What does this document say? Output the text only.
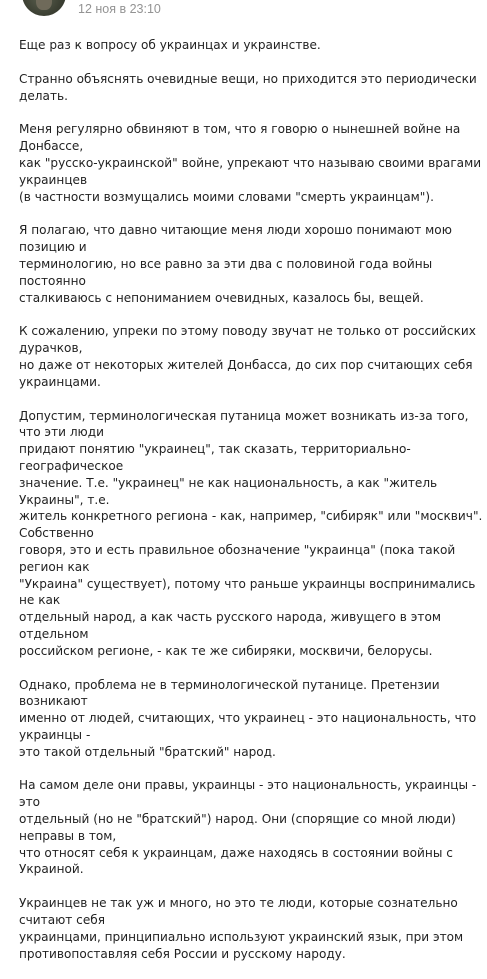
12 ноя в 23:10

Еще раз к вопросу об украинцах и украинстве.

Странно объяснять очевидные вещи, но приходится это периодически делать.

Меня регулярно обвиняют в том, что я говорю о нынешней войне на Донбассе,
как "русско-украинской" войне, упрекают что называю своими врагами украинцев
(в частности возмущались моими словами "смерть украинцам").

Я полагаю, что давно читающие меня люди хорошо понимают мою позицию и
терминологию, но все равно за эти два с половиной года войны постоянно
сталкиваюсь с непониманием очевидных, казалось бы, вещей.

К сожалению, упреки по этому поводу звучат не только от российских дурачков,
но даже от некоторых жителей Донбасса, до сих пор считающих себя украинцами.

Допустим, терминологическая путаница может возникать из-за того, что эти люди
придают понятию "украинец", так сказать, территориально-географическое
значение. Т.е. "украинец" не как национальность, а как "житель Украины", т.е.
житель конкретного региона - как, например, "сибиряк" или "москвич". Собственно
говоря, это и есть правильное обозначение "украинца" (пока такой регион как
"Украина" существует), потому что раньше украинцы воспринимались не как
отдельный народ, а как часть русского народа, живущего в этом отдельном
российском регионе, - как те же сибиряки, москвичи, белорусы.

Однако, проблема не в терминологической путанице. Претензии возникают
именно от людей, считающих, что украинец - это национальность, что украинцы -
это такой отдельный "братский" народ.

На самом деле они правы, украинцы - это национальность, украинцы - это
отдельный (но не "братский") народ. Они (спорящие со мной люди) неправы в том,
что относят себя к украинцам, даже находясь в состоянии войны с Украиной.

Украинцев не так уж и много, но это те люди, которые сознательно считают себя
украинцами, принципиально используют украинский язык, при этом
противопоставляя себя России и русскому народу.
